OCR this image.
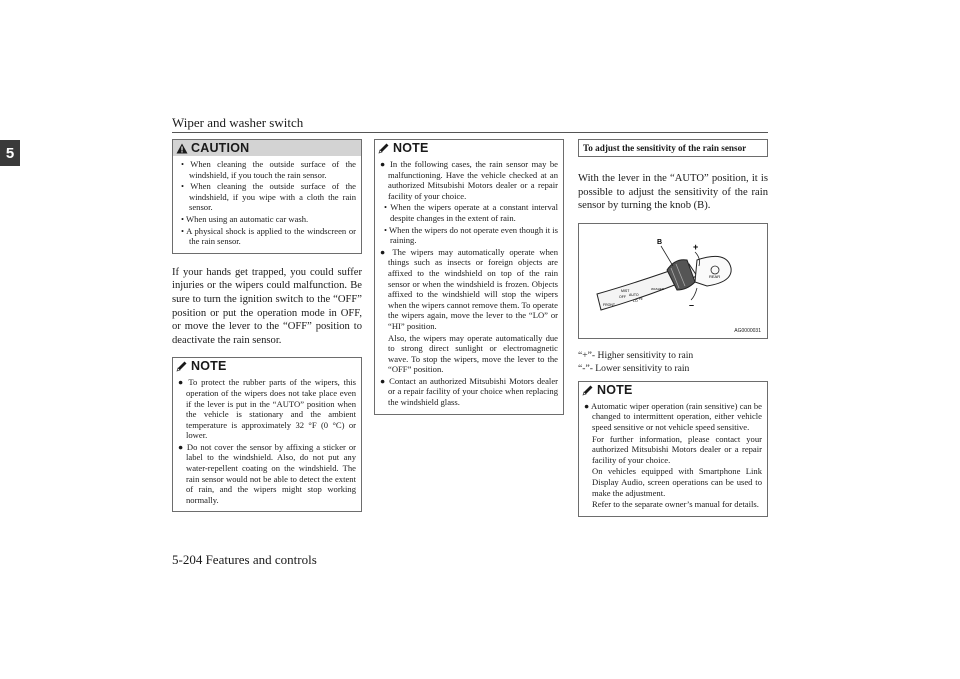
Wiper and washer switch
5
5-204 Features and controls
CAUTION
• When cleaning the outside surface of the windshield, if you touch the rain sensor.
• When cleaning the outside surface of the windshield, if you wipe with a cloth the rain sensor.
• When using an automatic car wash.
• A physical shock is applied to the windscreen or the rain sensor.
If your hands get trapped, you could suffer injuries or the wipers could malfunction. Be sure to turn the ignition switch to the “OFF” position or put the operation mode in OFF, or move the lever to the “OFF” position to deactivate the rain sensor.
NOTE
● To protect the rubber parts of the wipers, this operation of the wipers does not take place even if the lever is put in the “AUTO” position when the vehicle is stationary and the ambient temperature is approximately 32 °F (0 °C) or lower.
● Do not cover the sensor by affixing a sticker or label to the windshield. Also, do not put any water-repellent coating on the windshield. The rain sensor would not be able to detect the extent of rain, and the wipers might stop working normally.
NOTE
● In the following cases, the rain sensor may be malfunctioning. Have the vehicle checked at an authorized Mitsubishi Motors dealer or a repair facility of your choice.
• When the wipers operate at a constant interval despite changes in the extent of rain.
• When the wipers do not operate even though it is raining.
● The wipers may automatically operate when things such as insects or foreign objects are affixed to the windshield on top of the rain sensor or when the windshield is frozen. Objects affixed to the windshield will stop the wipers when the wipers cannot remove them. To operate the wipers again, move the lever to the “LO” or “HI” position.
Also, the wipers may operate automatically due to strong direct sunlight or electromagnetic wave. To stop the wipers, move the lever to the “OFF” position.
● Contact an authorized Mitsubishi Motors dealer or a repair facility of your choice when replacing the windshield glass.
To adjust the sensitivity of the rain sensor
With the lever in the “AUTO” position, it is possible to adjust the sensitivity of the rain sensor by turning the knob (B).
B	+
–
MIST
OFF AUTO
FRONT
LO HI
REAR
WASHER
AG0000031
“+”- Higher sensitivity to rain
“-”- Lower sensitivity to rain
NOTE
● Automatic wiper operation (rain sensitive) can be changed to intermittent operation, either vehicle speed sensitive or not vehicle speed sensitive.
For further information, please contact your authorized Mitsubishi Motors dealer or a repair facility of your choice.
On vehicles equipped with Smartphone Link Display Audio, screen operations can be used to make the adjustment.
Refer to the separate owner’s manual for details.
